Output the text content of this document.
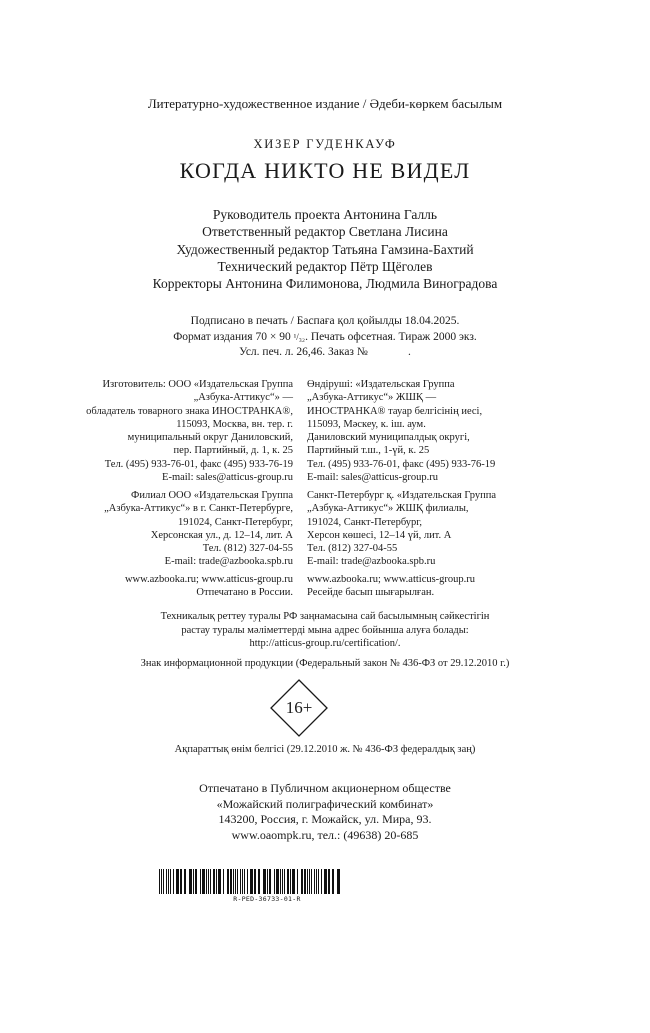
Литературно-художественное издание / Әдеби-көркем басылым
ХИЗЕР ГУДЕНКАУФ
КОГДА НИКТО НЕ ВИДЕЛ
Руководитель проекта Антонина Галль
Ответственный редактор Светлана Лисина
Художественный редактор Татьяна Гамзина-Бахтий
Технический редактор Пётр Щёголев
Корректоры Антонина Филимонова, Людмила Виноградова
Подписано в печать / Баспаға қол қойылды 18.04.2025.
Формат издания 70 × 90 ¹/₃₂. Печать офсетная. Тираж 2000 экз.
Усл. печ. л. 26,46. Заказ №              .
Изготовитель: ООО «Издательская Группа
„Азбука-Аттикус“» —
обладатель товарного знака ИНОСТРАНКА®,
115093, Москва, вн. тер. г.
муниципальный округ Даниловский,
пер. Партийный, д. 1, к. 25
Тел. (495) 933-76-01, факс (495) 933-76-19
E-mail: sales@atticus-group.ru
Өндіруші: «Издательская Группа
„Азбука-Аттикус“» ЖШҚ —
ИНОСТРАНКА® тауар белгісінің иесі,
115093, Мәскеу, к. іш. аум.
Даниловский муниципалдық округі,
Партийный т.ш., 1-үй, к. 25
Тел. (495) 933-76-01, факс (495) 933-76-19
E-mail: sales@atticus-group.ru
Филиал ООО «Издательская Группа
„Азбука-Аттикус“» в г. Санкт-Петербурге,
191024, Санкт-Петербург,
Херсонская ул., д. 12–14, лит. А
Тел. (812) 327-04-55
E-mail: trade@azbooka.spb.ru
Санкт-Петербург қ. «Издательская Группа
„Азбука-Аттикус“» ЖШҚ филиалы,
191024, Санкт-Петербург,
Херсон көшесі, 12–14 үй, лит. А
Тел. (812) 327-04-55
E-mail: trade@azbooka.spb.ru
www.azbooka.ru; www.atticus-group.ru
Отпечатано в России.
www.azbooka.ru; www.atticus-group.ru
Ресейде басып шығарылған.
Техникалық реттеу туралы РФ заңнамасына сай басылымның сәйкестігін
растау туралы мәліметтерді мына адрес бойынша алуға болады:
http://atticus-group.ru/certification/.
Знак информационной продукции (Федеральный закон № 436-ФЗ от 29.12.2010 г.)
16+
Ақпараттық өнім белгісі (29.12.2010 ж. № 436-ФЗ федералдық заң)
Отпечатано в Публичном акционерном обществе
«Можайский полиграфический комбинат»
143200, Россия, г. Можайск, ул. Мира, 93.
www.oaompk.ru, тел.: (49638) 20-685
R-PED-36733-01-R
